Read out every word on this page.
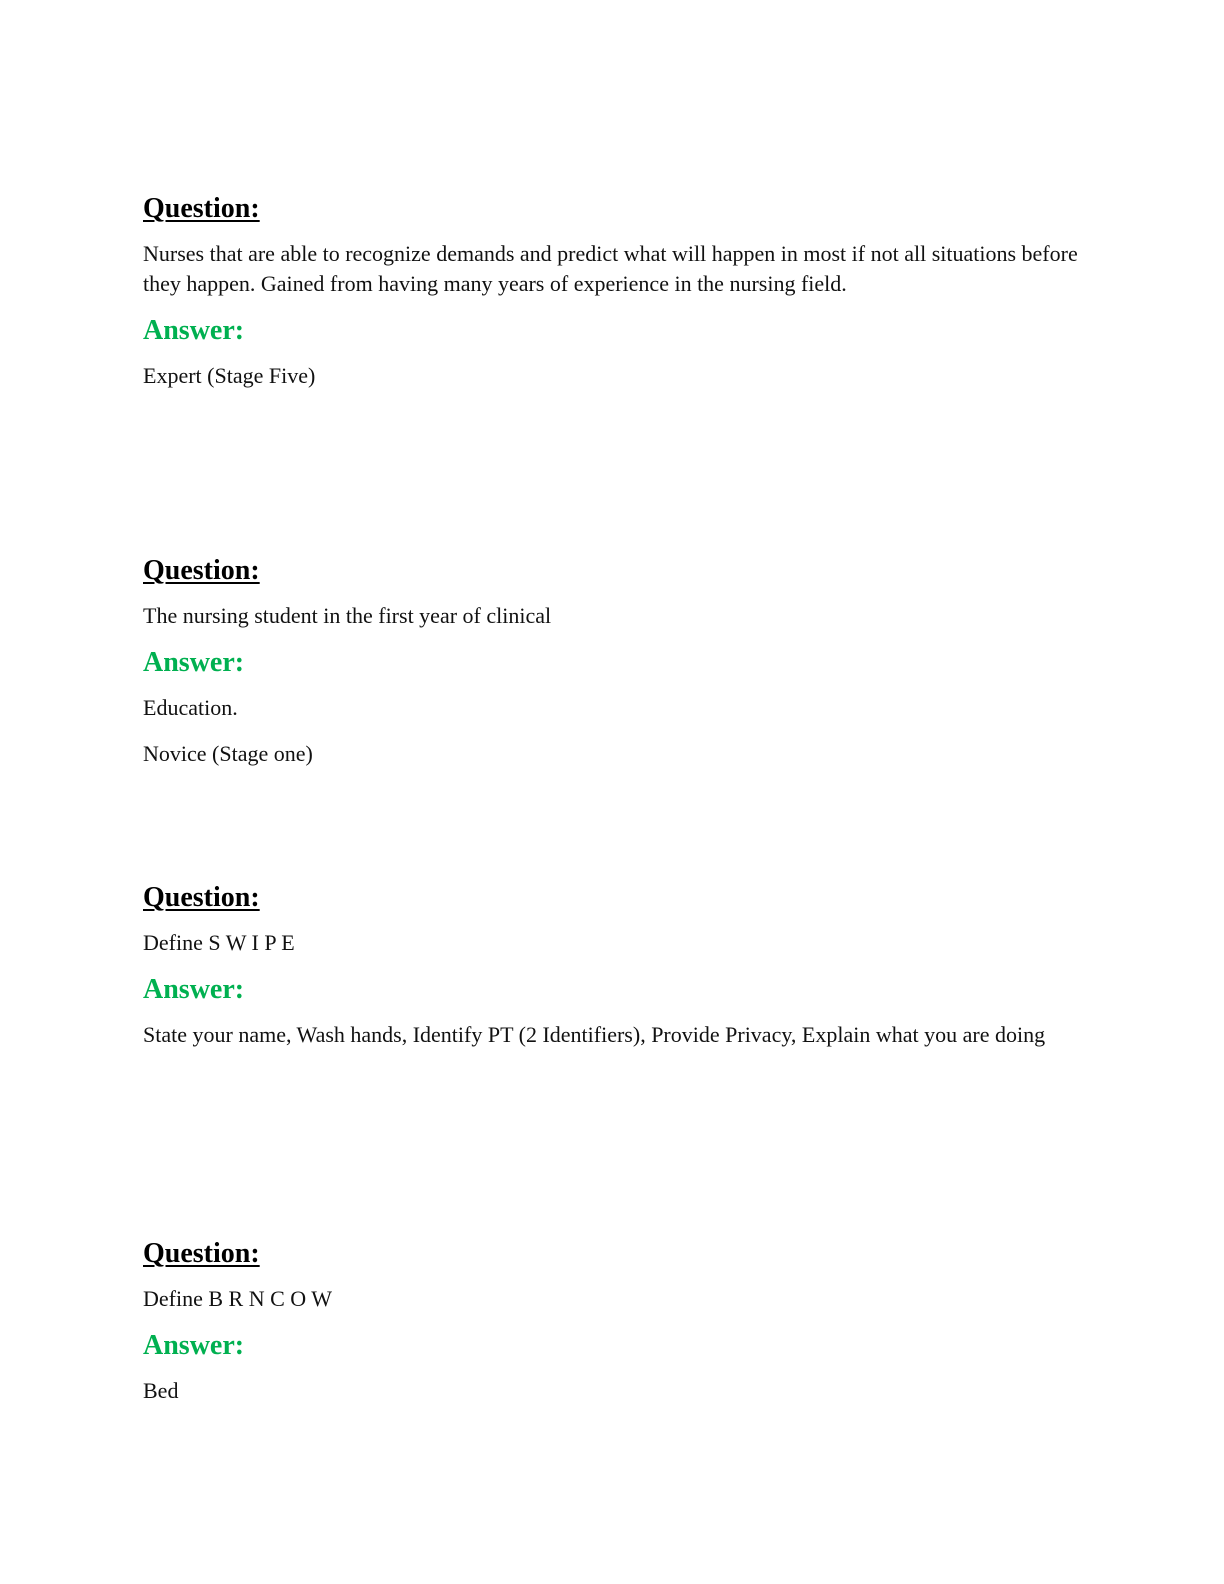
Question:

Nurses that are able to recognize demands and predict what will happen in most if not all situations before they happen. Gained from having many years of experience in the nursing field.

Answer:

Expert (Stage Five)

Question:

The nursing student in the first year of clinical

Answer:

Education.

Novice (Stage one)

Question:

Define S W I P E

Answer:

State your name, Wash hands, Identify PT (2 Identifiers), Provide Privacy, Explain what you are doing

Question:

Define B R N C O W

Answer:

Bed
